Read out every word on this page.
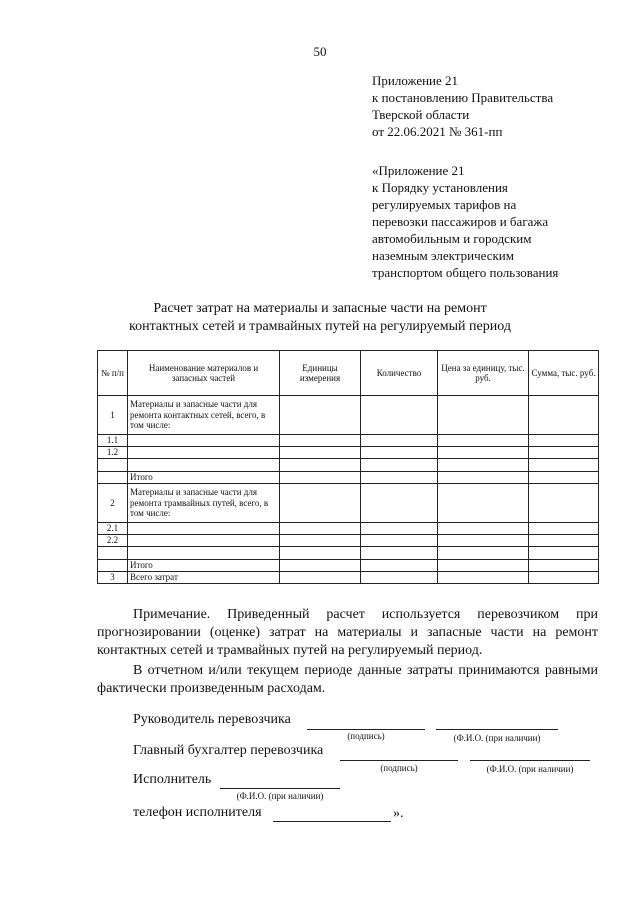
50
Приложение 21
к постановлению Правительства
Тверской области
от 22.06.2021 № 361-пп
«Приложение 21
к Порядку установления
регулируемых тарифов на
перевозки пассажиров и багажа
автомобильным и городским
наземным электрическим
транспортом общего пользования
Расчет затрат на материалы и запасные части на ремонт
контактных сетей и трамвайных путей на регулируемый период
№ п/п	Наименование материалов и запасных частей	Единицы измерения	Количество	Цена за единицу, тыс. руб.	Сумма, тыс. руб.
1	Материалы и запасные части для ремонта контактных сетей, всего, в том числе:				
1.1					
1.2					

	Итого				
2	Материалы и запасные части для ремонта трамвайных путей, всего, в том числе:				
2.1					
2.2					

	Итого				
3	Всего затрат				
Примечание. Приведенный расчет используется перевозчиком при прогнозировании (оценке) затрат на материалы и запасные части на ремонт контактных сетей и трамвайных путей на регулируемый период.
В отчетном и/или текущем периоде данные затраты принимаются равными фактически произведенным расходам.
Руководитель перевозчика
(подпись)	(Ф.И.О. (при наличии)
Главный бухгалтер перевозчика
(подпись)	(Ф.И.О. (при наличии)
Исполнитель
(Ф.И.О. (при наличии)
телефон исполнителя	».
